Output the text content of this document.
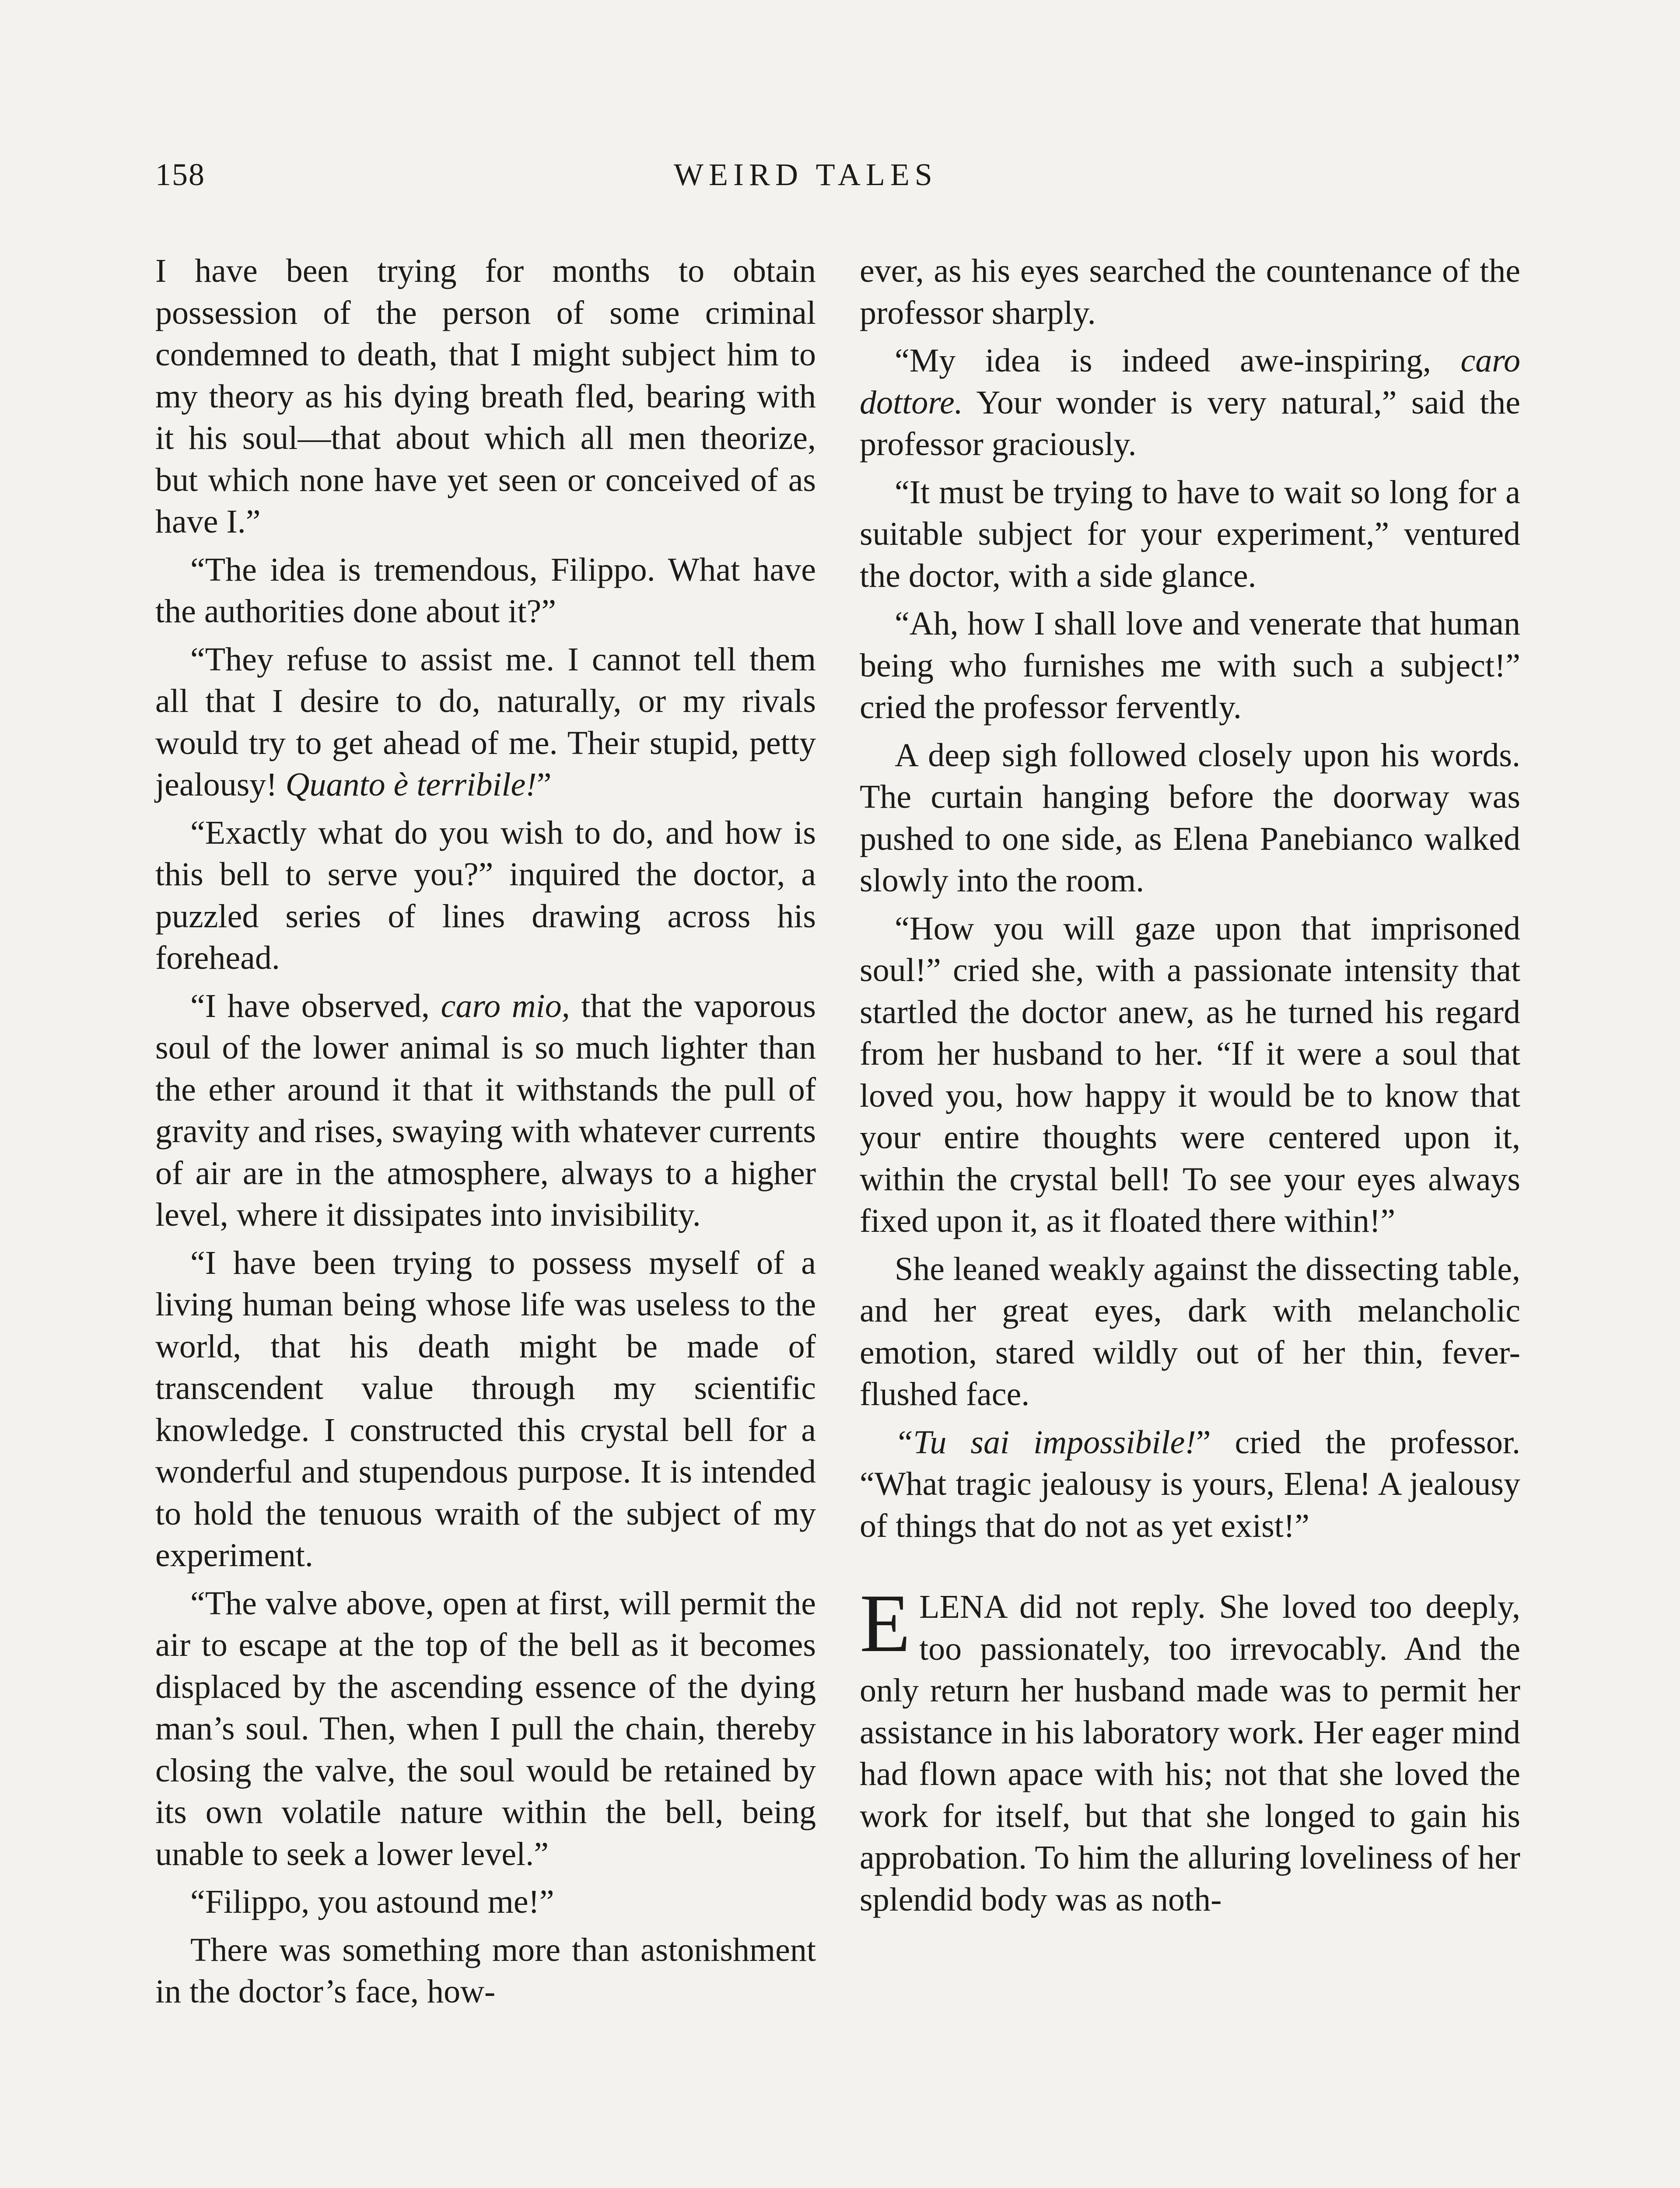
158	WEIRD TALES

I have been trying for months to obtain possession of the person of some criminal condemned to death, that I might subject him to my theory as his dying breath fled, bearing with it his soul—that about which all men theorize, but which none have yet seen or conceived of as have I.”

“The idea is tremendous, Filippo. What have the authorities done about it?”

“They refuse to assist me. I cannot tell them all that I desire to do, naturally, or my rivals would try to get ahead of me. Their stupid, petty jealousy! Quanto è terribile!”

“Exactly what do you wish to do, and how is this bell to serve you?” inquired the doctor, a puzzled series of lines drawing across his forehead.

“I have observed, caro mio, that the vaporous soul of the lower animal is so much lighter than the ether around it that it withstands the pull of gravity and rises, swaying with whatever currents of air are in the atmosphere, always to a higher level, where it dissipates into invisibility.

“I have been trying to possess myself of a living human being whose life was useless to the world, that his death might be made of transcendent value through my scientific knowledge. I constructed this crystal bell for a wonderful and stupendous purpose. It is intended to hold the tenuous wraith of the subject of my experiment.

“The valve above, open at first, will permit the air to escape at the top of the bell as it becomes displaced by the ascending essence of the dying man’s soul. Then, when I pull the chain, thereby closing the valve, the soul would be retained by its own volatile nature within the bell, being unable to seek a lower level.”

“Filippo, you astound me!”

There was something more than astonishment in the doctor’s face, how-

ever, as his eyes searched the countenance of the professor sharply.

“My idea is indeed awe-inspiring, caro dottore. Your wonder is very natural,” said the professor graciously.

“It must be trying to have to wait so long for a suitable subject for your experiment,” ventured the doctor, with a side glance.

“Ah, how I shall love and venerate that human being who furnishes me with such a subject!” cried the professor fervently.

A deep sigh followed closely upon his words. The curtain hanging before the doorway was pushed to one side, as Elena Panebianco walked slowly into the room.

“How you will gaze upon that imprisoned soul!” cried she, with a passionate intensity that startled the doctor anew, as he turned his regard from her husband to her. “If it were a soul that loved you, how happy it would be to know that your entire thoughts were centered upon it, within the crystal bell! To see your eyes always fixed upon it, as it floated there within!”

She leaned weakly against the dissecting table, and her great eyes, dark with melancholic emotion, stared wildly out of her thin, fever-flushed face.

“Tu sai impossibile!” cried the professor. “What tragic jealousy is yours, Elena! A jealousy of things that do not as yet exist!”

ELENA did not reply. She loved too deeply, too passionately, too irrevocably. And the only return her husband made was to permit her assistance in his laboratory work. Her eager mind had flown apace with his; not that she loved the work for itself, but that she longed to gain his approbation. To him the alluring loveliness of her splendid body was as noth-
